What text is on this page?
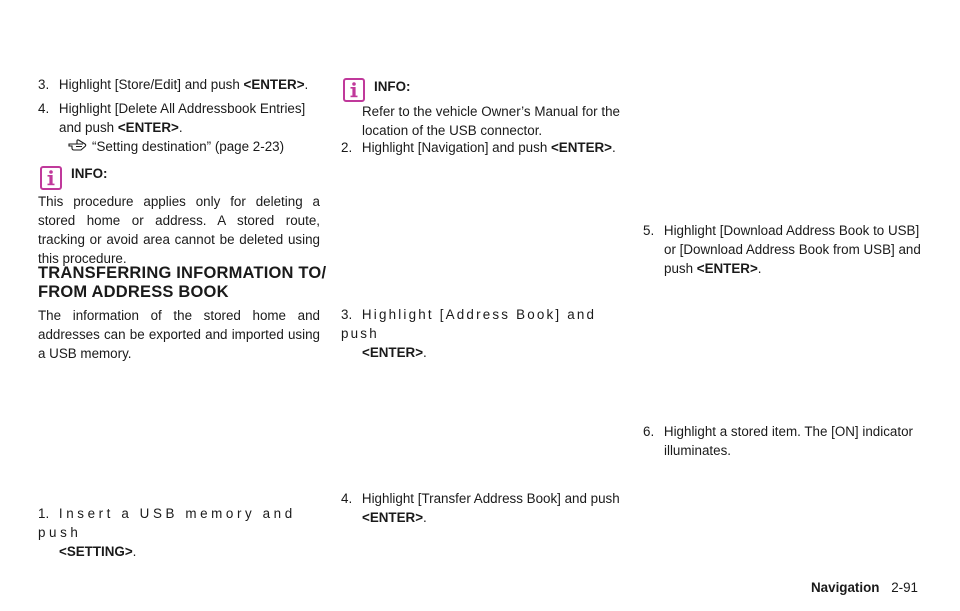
3. Highlight [Store/Edit] and push <ENTER>.
4. Highlight [Delete All Addressbook Entries]
and push <ENTER>.
“Setting destination” (page 2-23)
INFO:
This procedure applies only for deleting a stored home or address. A stored route, tracking or avoid area cannot be deleted using this procedure.
TRANSFERRING INFORMATION TO/
FROM ADDRESS BOOK
The information of the stored home and addresses can be exported and imported using a USB memory.
1. Insert a USB memory and push
<SETTING>.
INFO:
Refer to the vehicle Owner’s Manual for the location of the USB connector.
2. Highlight [Navigation] and push <ENTER>.
3. Highlight [Address Book] and push
<ENTER>.
4. Highlight [Transfer Address Book] and push
<ENTER>.
5. Highlight [Download Address Book to USB]
or [Download Address Book from USB] and
push <ENTER>.
6. Highlight a stored item. The [ON] indicator
illuminates.
Navigation 2-91
